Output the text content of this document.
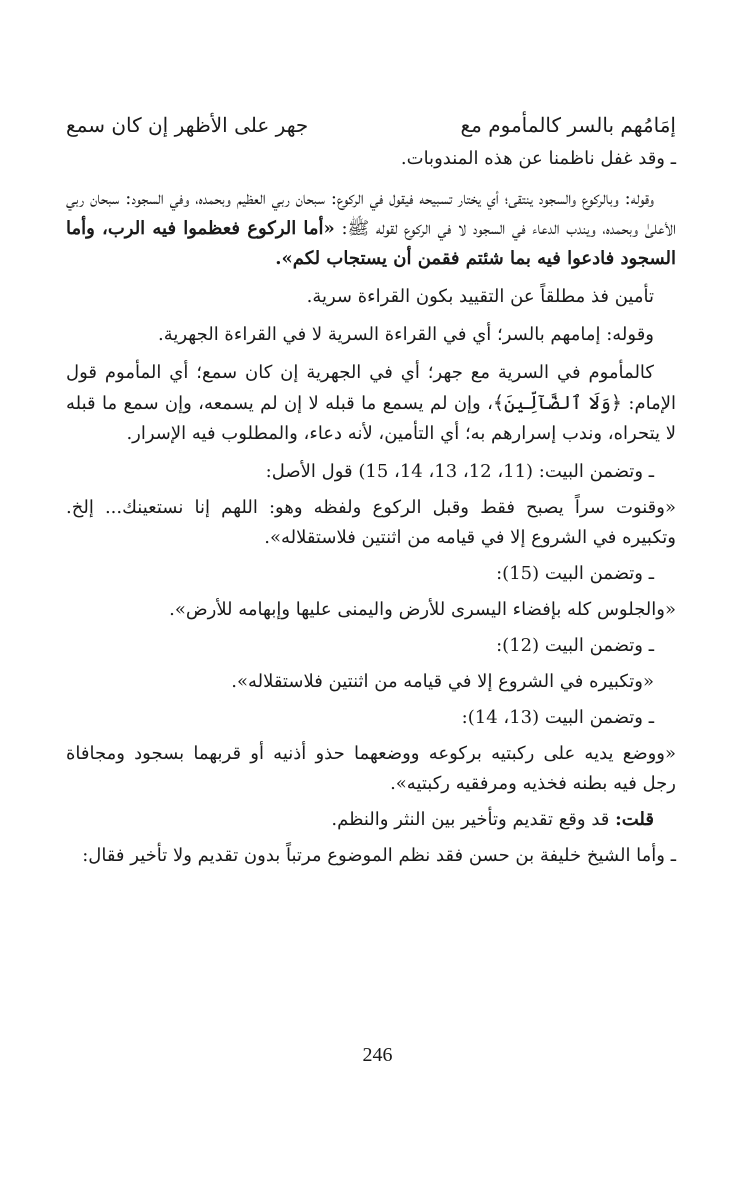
إمَامُهم بالسر كالمأموم مع
جهر على الأظهر إن كان سمع

ـ وقد غفل ناظمنا عن هذه المندوبات.

وقوله: وبالركوع والسجود ينتقى؛ أي يختار تسبيحه فيقول في الركوع: سبحان ربي العظيم وبحمده، وفي السجود: سبحان ربي الأعلىٰ وبحمده، ويندب الدعاء في السجود لا في الركوع لقوله ﷺ: «أما الركوع فعظموا فيه الرب، وأما السجود فادعوا فيه بما شئتم فقمن أن يستجاب لكم».

تأمين فذ مطلقاً عن التقييد بكون القراءة سرية.

وقوله: إمامهم بالسر؛ أي في القراءة السرية لا في القراءة الجهرية.

كالمأموم في السرية مع جهر؛ أي في الجهرية إن كان سمع؛ أي المأموم قول الإمام: ﴿وَلَا ٱلضَّآلِّينَ﴾، وإن لم يسمع ما قبله لا إن لم يسمعه، وإن سمع ما قبله لا يتحراه، وندب إسرارهم به؛ أي التأمين، لأنه دعاء، والمطلوب فيه الإسرار.

ـ وتضمن البيت: (11، 12، 13، 14، 15) قول الأصل:

«وقنوت سراً يصبح فقط وقبل الركوع ولفظه وهو: اللهم إنا نستعينك... إلخ. وتكبيره في الشروع إلا في قيامه من اثنتين فلاستقلاله».

ـ وتضمن البيت (15):

«والجلوس كله بإفضاء اليسرى للأرض واليمنى عليها وإبهامه للأرض».

ـ وتضمن البيت (12):

«وتكبيره في الشروع إلا في قيامه من اثنتين فلاستقلاله».

ـ وتضمن البيت (13، 14):

«ووضع يديه على ركبتيه بركوعه ووضعهما حذو أذنيه أو قربهما بسجود ومجافاة رجل فيه بطنه فخذيه ومرفقيه ركبتيه».

قلت: قد وقع تقديم وتأخير بين النثر والنظم.

ـ وأما الشيخ خليفة بن حسن فقد نظم الموضوع مرتباً بدون تقديم ولا تأخير فقال:

246
